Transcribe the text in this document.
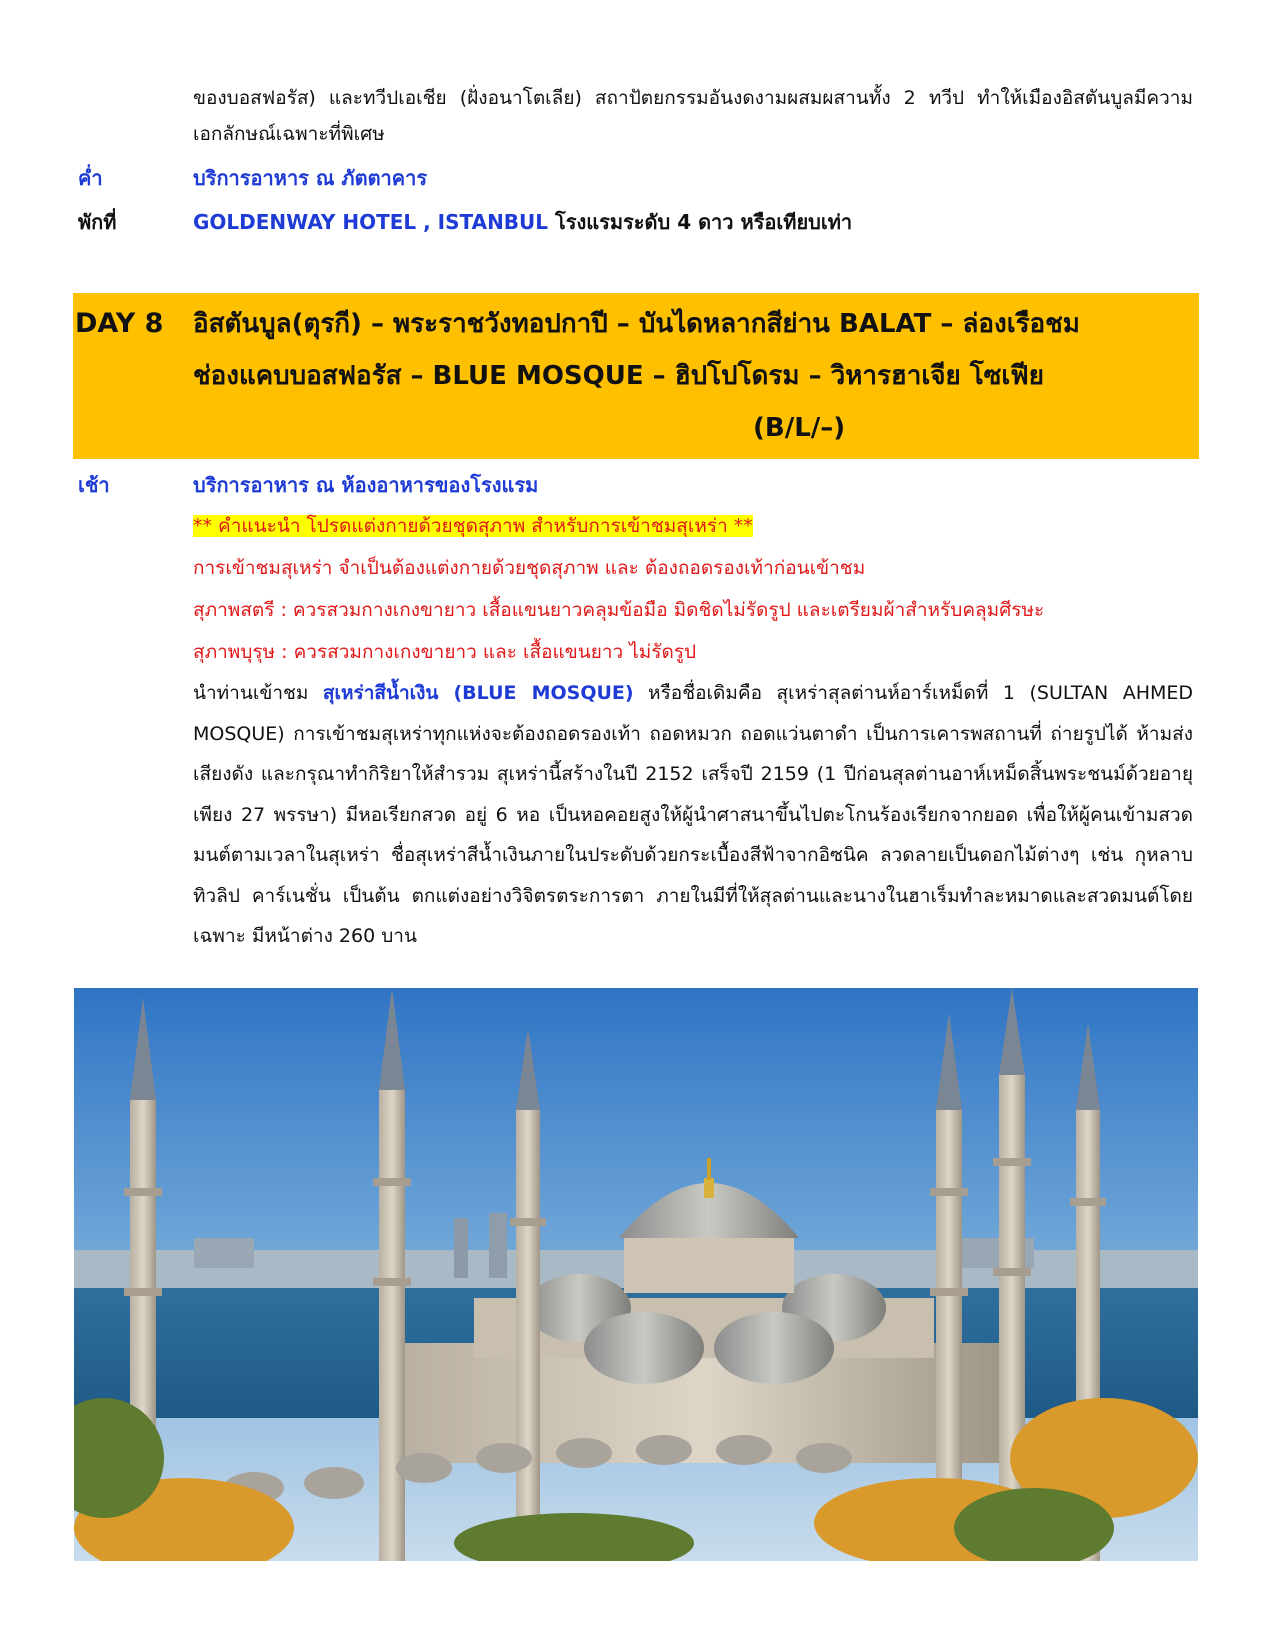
ของบอสฟอรัส) และทวีปเอเชีย (ฝั่งอนาโตเลีย) สถาปัตยกรรมอันงดงามผสมผสานทั้ง 2 ทวีป ทำให้เมืองอิสตันบูลมีความเอกลักษณ์เฉพาะที่พิเศษ
ค่ำ	บริการอาหาร ณ ภัตตาคาร
พักที่	GOLDENWAY HOTEL , ISTANBUL โรงแรมระดับ 4 ดาว หรือเทียบเท่า
DAY 8 อิสตันบูล(ตุรกี) – พระราชวังทอปกาปี – บันไดหลากสีย่าน BALAT – ล่องเรือชม
ช่องแคบบอสฟอรัส – BLUE MOSQUE – ฮิปโปโดรม – วิหารฮาเจีย โซเฟีย
(B/L/–)
เช้า	บริการอาหาร ณ ห้องอาหารของโรงแรม
** คำแนะนำ โปรดแต่งกายด้วยชุดสุภาพ สำหรับการเข้าชมสุเหร่า **
การเข้าชมสุเหร่า จำเป็นต้องแต่งกายด้วยชุดสุภาพ และ ต้องถอดรองเท้าก่อนเข้าชม
สุภาพสตรี : ควรสวมกางเกงขายาว เสื้อแขนยาวคลุมข้อมือ มิดชิดไม่รัดรูป และเตรียมผ้าสำหรับคลุมศีรษะ
สุภาพบุรุษ : ควรสวมกางเกงขายาว และ เสื้อแขนยาว ไม่รัดรูป
นำท่านเข้าชม สุเหร่าสีน้ำเงิน (BLUE MOSQUE) หรือชื่อเดิมคือ สุเหร่าสุลต่านห์อาร์เหม็ดที่ 1 (SULTAN AHMED MOSQUE) การเข้าชมสุเหร่าทุกแห่งจะต้องถอดรองเท้า ถอดหมวก ถอดแว่นตาดำ เป็นการเคารพสถานที่ ถ่ายรูปได้ ห้ามส่งเสียงดัง และกรุณาทำกิริยาให้สำรวม สุเหร่านี้สร้างในปี 2152 เสร็จปี 2159 (1 ปีก่อนสุลต่านอาห์เหม็ดสิ้นพระชนม์ด้วยอายุเพียง 27 พรรษา) มีหอเรียกสวด อยู่ 6 หอ เป็นหอคอยสูงให้ผู้นำศาสนาขึ้นไปตะโกนร้องเรียกจากยอด เพื่อให้ผู้คนเข้ามสวดมนต์ตามเวลาในสุเหร่า ชื่อสุเหร่าสีน้ำเงินภายในประดับด้วยกระเบื้องสีฟ้าจากอิซนิค ลวดลายเป็นดอกไม้ต่างๆ เช่น กุหลาบ ทิวลิป คาร์เนชั่น เป็นต้น ตกแต่งอย่างวิจิตรตระการตา ภายในมีที่ให้สุลต่านและนางในฮาเร็มทำละหมาดและสวดมนต์โดยเฉพาะ มีหน้าต่าง 260 บาน
